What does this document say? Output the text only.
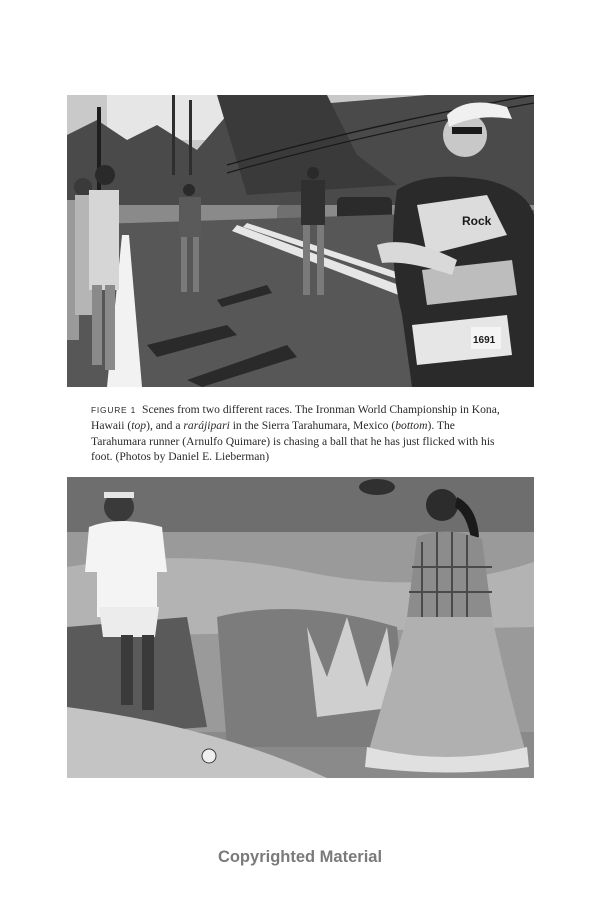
Rock
1691
FIGURE 1 Scenes from two different races. The Ironman World Championship in Kona, Hawaii (top), and a rarájipari in the Sierra Tarahumara, Mexico (bottom). The Tarahumara runner (Arnulfo Quimare) is chasing a ball that he has just flicked with his foot. (Photos by Daniel E. Lieberman)
Copyrighted Material
